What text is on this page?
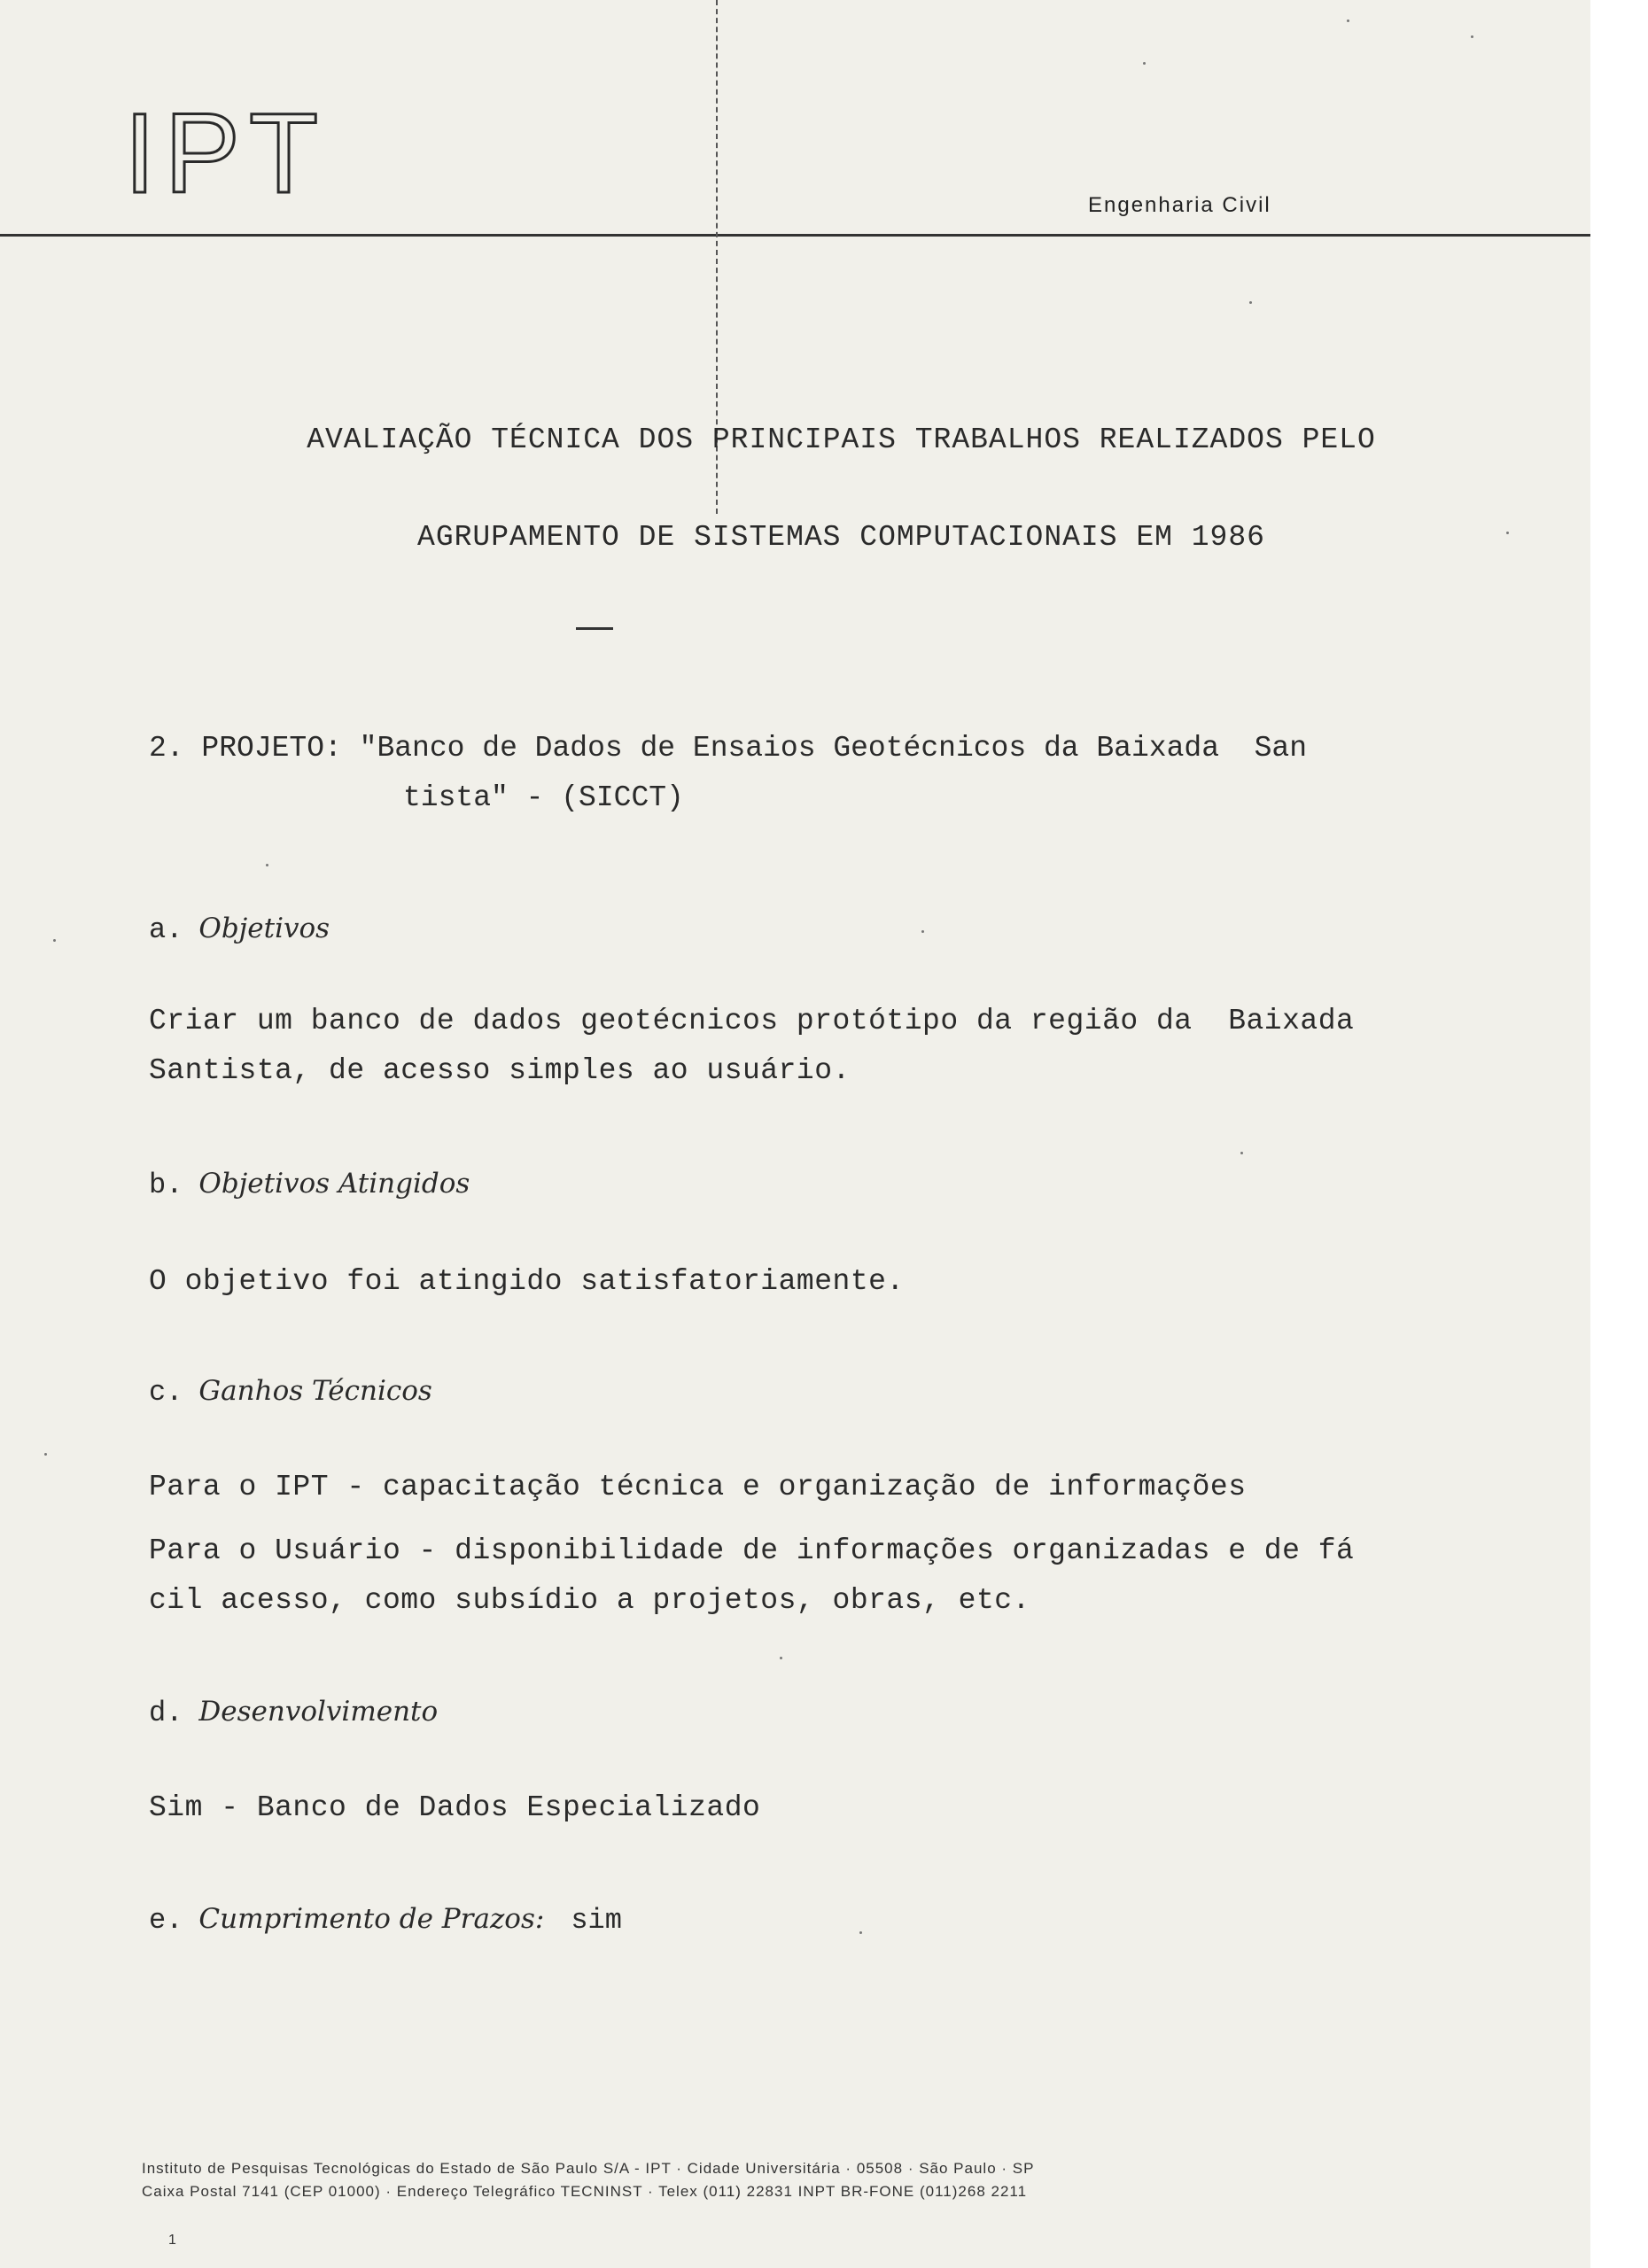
IPT	Engenharia Civil
AVALIAÇÃO TÉCNICA DOS PRINCIPAIS TRABALHOS REALIZADOS PELO
AGRUPAMENTO DE SISTEMAS COMPUTACIONAIS EM 1986
2. PROJETO: "Banco de Dados de Ensaios Geotécnicos da Baixada  San
tista" - (SICCT)
a. Objetivos
Criar um banco de dados geotécnicos protótipo da região da  Baixada
Santista, de acesso simples ao usuário.
b. Objetivos Atingidos
O objetivo foi atingido satisfatoriamente.
c. Ganhos Técnicos
Para o IPT - capacitação técnica e organização de informações
Para o Usuário - disponibilidade de informações organizadas e de fá
cil acesso, como subsídio a projetos, obras, etc.
d. Desenvolvimento
Sim - Banco de Dados Especializado
e. Cumprimento de Prazos: sim
Instituto de Pesquisas Tecnológicas do Estado de São Paulo S/A - IPT · Cidade Universitária · 05508 · São Paulo · SP
Caixa Postal 7141 (CEP 01000) · Endereço Telegráfico TECNINST · Telex (011) 22831 INPT BR-FONE (011)268 2211
1
